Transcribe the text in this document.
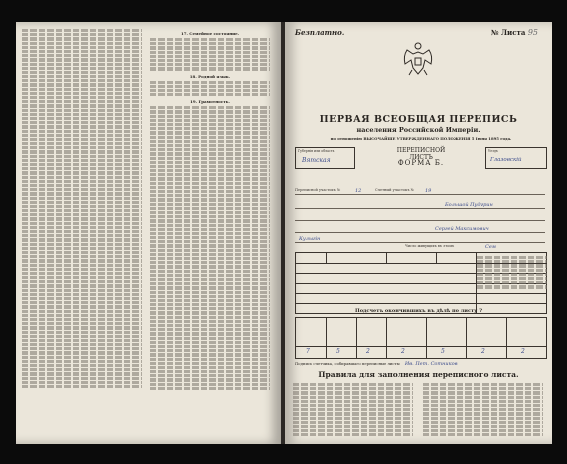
17. Семейное состояние.
18. Родной язык.
19. Грамотность.
Безплатно.	№ Листа 95
ПЕРВАЯ ВСЕОБЩАЯ ПЕРЕПИСЬ
населения Российской Имперіи.
по отношенію ВЫСОЧАЙШЕ УТВЕРЖДЕННАГО ПОЛОЖЕНІЯ 5 Іюня 1895 года.
Губернія или область
Вятская
ПЕРЕПИСНОЙ ЛИСТЪ
ФОРМА Б.
Уездъ
Глазовскій
Переписной участокъ №	12	Счетный участокъ № 19
Большой Пудгрин
Сергей Максимович
Кулыгін
Число живущихъ въ этомъ	Сем
Подсчетъ окончившихъ въ дѣлѣ по листу ?
7	5	2	2	5	2	2
Подпись счетчика, собиравшаго переписные листы Ив. Пет. Сотников
Правила для заполнения переписного листа.
